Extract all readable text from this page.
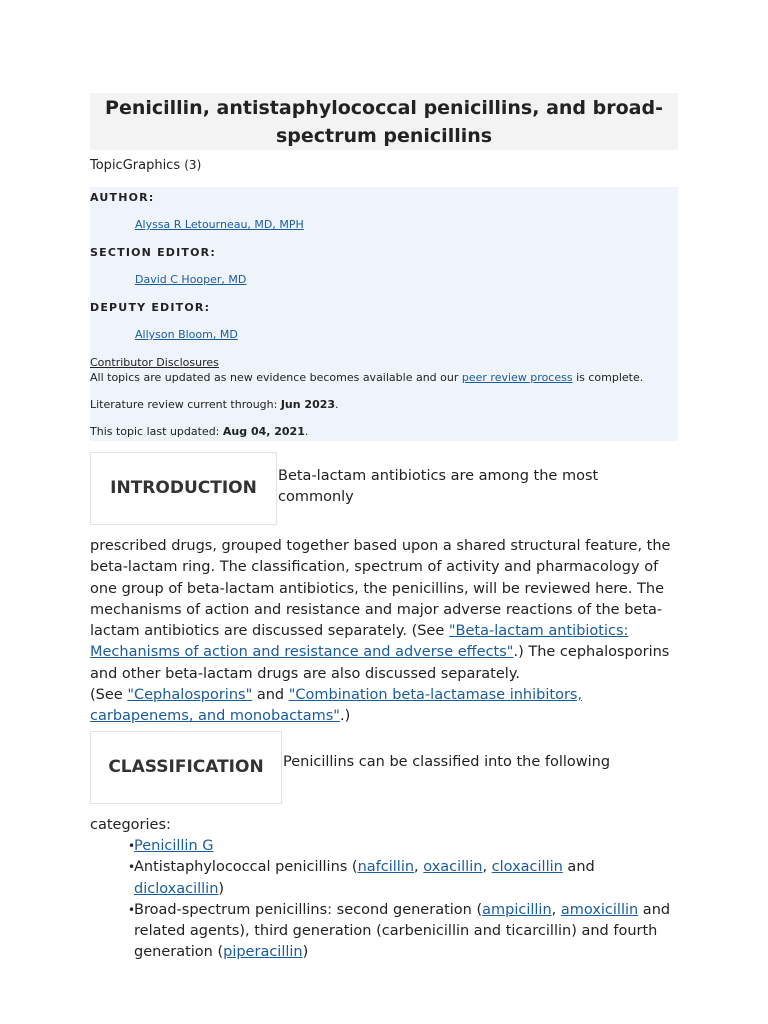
Penicillin, antistaphylococcal penicillins, and broad-spectrum penicillins
TopicGraphics (3)
AUTHOR:
Alyssa R Letourneau, MD, MPH
SECTION EDITOR:
David C Hooper, MD
DEPUTY EDITOR:
Allyson Bloom, MD
Contributor Disclosures
All topics are updated as new evidence becomes available and our peer review process is complete.
Literature review current through: Jun 2023.
This topic last updated: Aug 04, 2021.
INTRODUCTION
Beta-lactam antibiotics are among the most commonly
prescribed drugs, grouped together based upon a shared structural feature, the beta-lactam ring. The classification, spectrum of activity and pharmacology of one group of beta-lactam antibiotics, the penicillins, will be reviewed here. The mechanisms of action and resistance and major adverse reactions of the beta-lactam antibiotics are discussed separately. (See "Beta-lactam antibiotics: Mechanisms of action and resistance and adverse effects".) The cephalosporins and other beta-lactam drugs are also discussed separately.
(See "Cephalosporins" and "Combination beta-lactamase inhibitors, carbapenems, and monobactams".)
CLASSIFICATION	Penicillins can be classified into the following
categories:
• Penicillin G
• Antistaphylococcal penicillins (nafcillin, oxacillin, cloxacillin and dicloxacillin)
• Broad-spectrum penicillins: second generation (ampicillin, amoxicillin and related agents), third generation (carbenicillin and ticarcillin) and fourth generation (piperacillin)
